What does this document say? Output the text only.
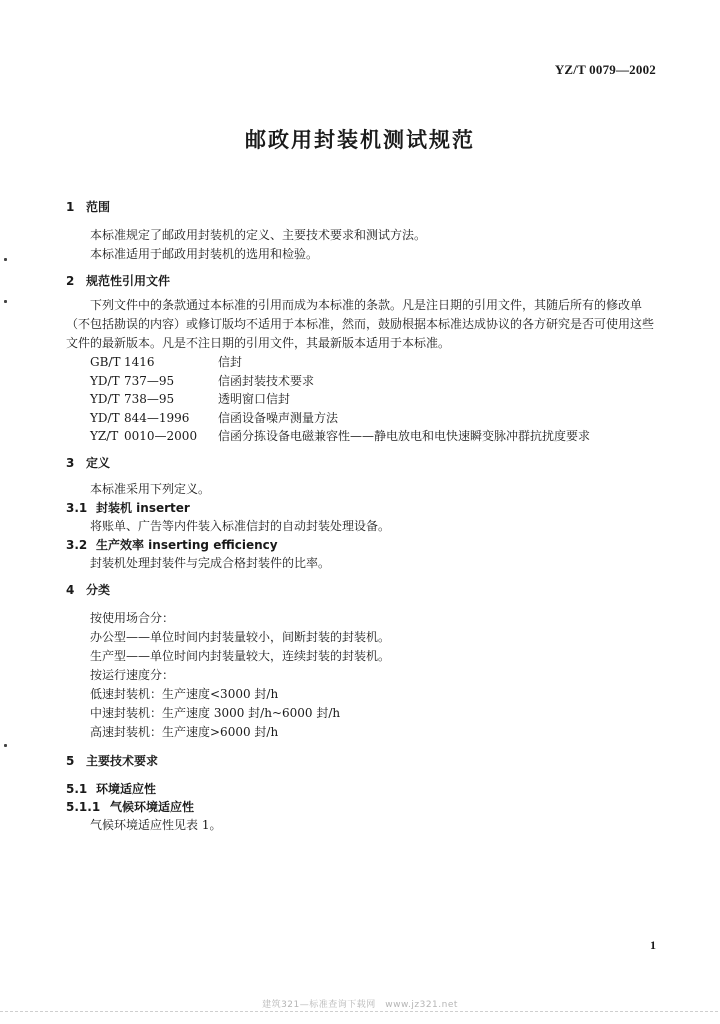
YZ/T 0079—2002
邮政用封装机测试规范
1 范围

本标准规定了邮政用封装机的定义、主要技术要求和测试方法。

本标准适用于邮政用封装机的选用和检验。

2 规范性引用文件

下列文件中的条款通过本标准的引用而成为本标准的条款。凡是注日期的引用文件，其随后所有的修改单（不包括勘误的内容）或修订版均不适用于本标准，然而，鼓励根据本标准达成协议的各方研究是否可使用这些文件的最新版本。凡是不注日期的引用文件，其最新版本适用于本标准。

GB/T 1416	信封
YD/T 737—95	信函封装技术要求
YD/T 738—95	透明窗口信封
YD/T 844—1996	信函设备噪声测量方法
YZ/T 0010—2000	信函分拣设备电磁兼容性——静电放电和电快速瞬变脉冲群抗扰度要求
3 定义

本标准采用下列定义。

3.1 封装机 inserter

将账单、广告等内件装入标准信封的自动封装处理设备。

3.2 生产效率 inserting efficiency

封装机处理封装件与完成合格封装件的比率。

4 分类

按使用场合分：

办公型——单位时间内封装量较小，间断封装的封装机。

生产型——单位时间内封装量较大，连续封装的封装机。

按运行速度分：

低速封装机：生产速度<3000 封/h

中速封装机：生产速度 3000 封/h~6000 封/h

高速封装机：生产速度>6000 封/h

5 主要技术要求
5.1 环境适应性
5.1.1 气候环境适应性

气候环境适应性见表 1。

1
建筑321—标准查询下载网　www.jz321.net
